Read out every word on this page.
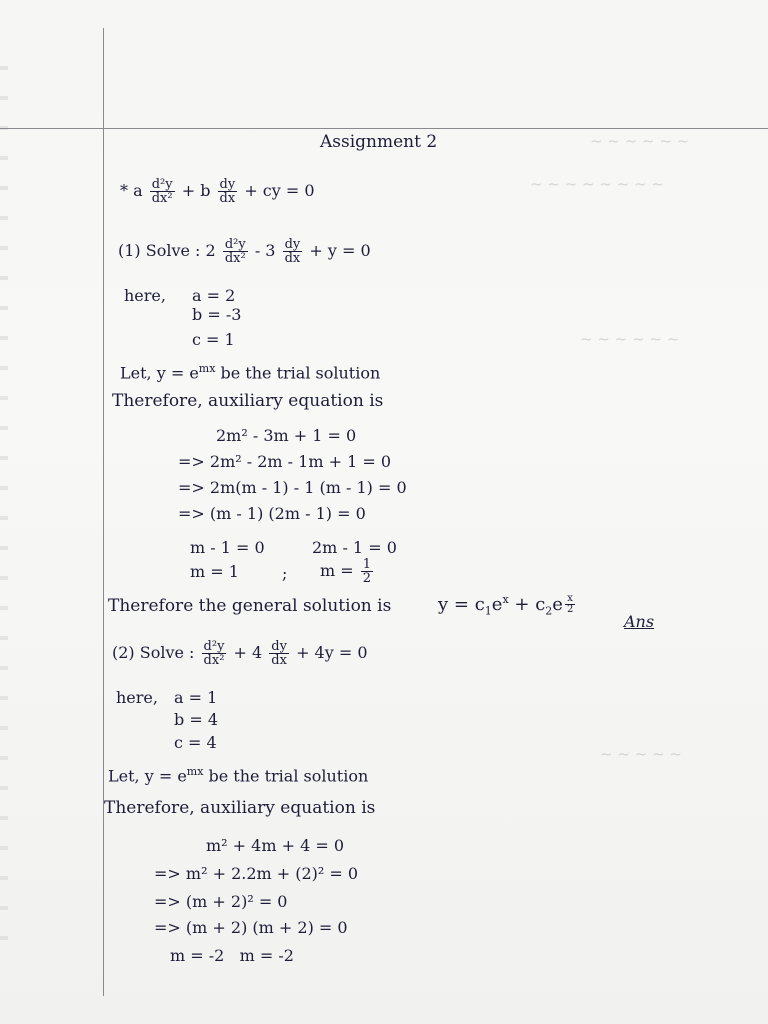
~ ~ ~ ~ ~ ~
~ ~ ~ ~ ~ ~ ~ ~
~ ~ ~ ~ ~ ~
~ ~ ~ ~ ~
Assignment 2
* a $\frac{\text{d²y}}{\text{dx²}} + b \frac{dy}{dx}$ + cy = 0
(1) Solve : $2 \frac{\text{d²y}}{\text{dx²}} - 3 \frac{dy}{dx} + y = 0$
here, a = 2
b = -3
c = 1
Let, $y = e^{mx}$ be the trial solution
Therefore, auxiliary equation is
2m² - 3m + 1 = 0
=> 2m² - 2m - 1m + 1 = 0
=> 2m(m - 1) - 1 (m - 1) = 0
=> (m - 1) (2m - 1) = 0
m - 1 = 0	2m - 1 = 0
m = 1	; $m = \frac{1}{2}$
Therefore the general solution is	$y = c_1e^x + c_2e \frac{x}{2}$
Ans
(2) Solve : $\frac{\text{d²y}}{\text{dx²}} + 4 \frac{dy}{dx} + 4y = 0$
here, a = 1
b = 4
c = 4
Let, $y = e^{mx}$ be the trial solution
Therefore, auxiliary equation is
m² + 4m + 4 = 0
=> m² + 2.2m + (2)² = 0
=> (m + 2)² = 0
=> (m + 2) (m + 2) = 0
m = -2   m = -2
